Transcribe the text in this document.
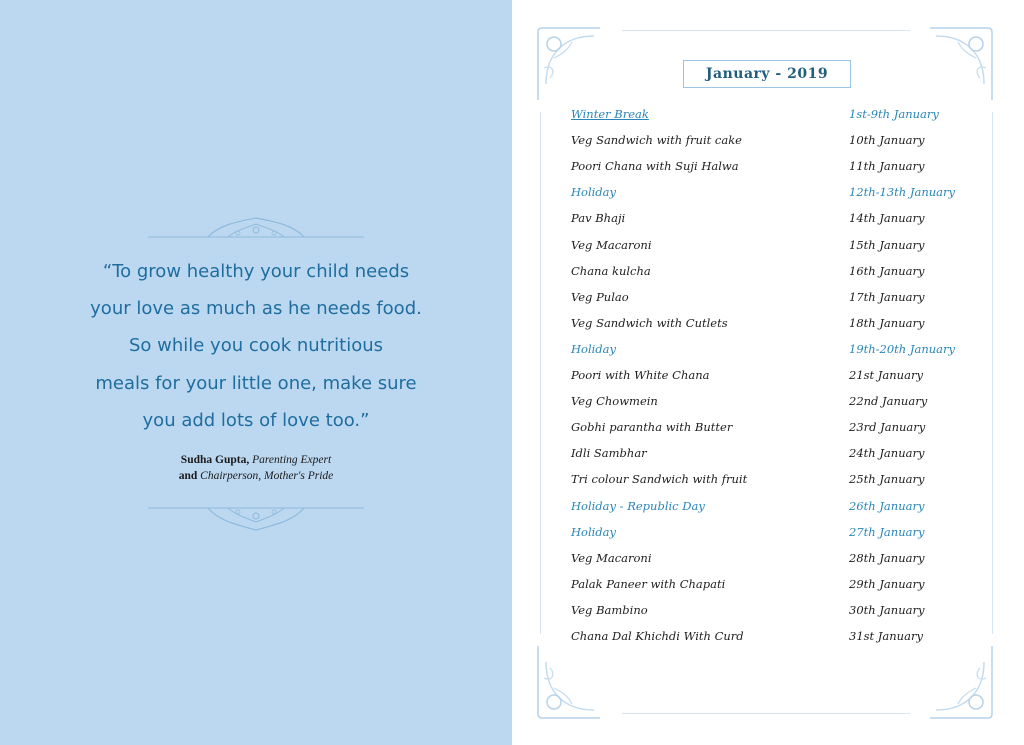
“To grow healthy your child needs
your love as much as he needs food.
So while you cook nutritious
meals for your little one, make sure
you add lots of love too.”
Sudha Gupta, Parenting Expert
and Chairperson, Mother's Pride
January - 2019
Winter Break	1st-9th January
Veg Sandwich with fruit cake	10th January
Poori Chana with Suji Halwa	11th January
Holiday	12th-13th January
Pav Bhaji	14th January
Veg Macaroni	15th January
Chana kulcha	16th January
Veg Pulao	17th January
Veg Sandwich with Cutlets	18th January
Holiday	19th-20th January
Poori with White Chana	21st January
Veg Chowmein	22nd January
Gobhi parantha with Butter	23rd January
Idli Sambhar	24th January
Tri colour Sandwich with fruit	25th January
Holiday - Republic Day	26th January
Holiday	27th January
Veg Macaroni	28th January
Palak Paneer with Chapati	29th January
Veg Bambino	30th January
Chana Dal Khichdi With Curd	31st January
